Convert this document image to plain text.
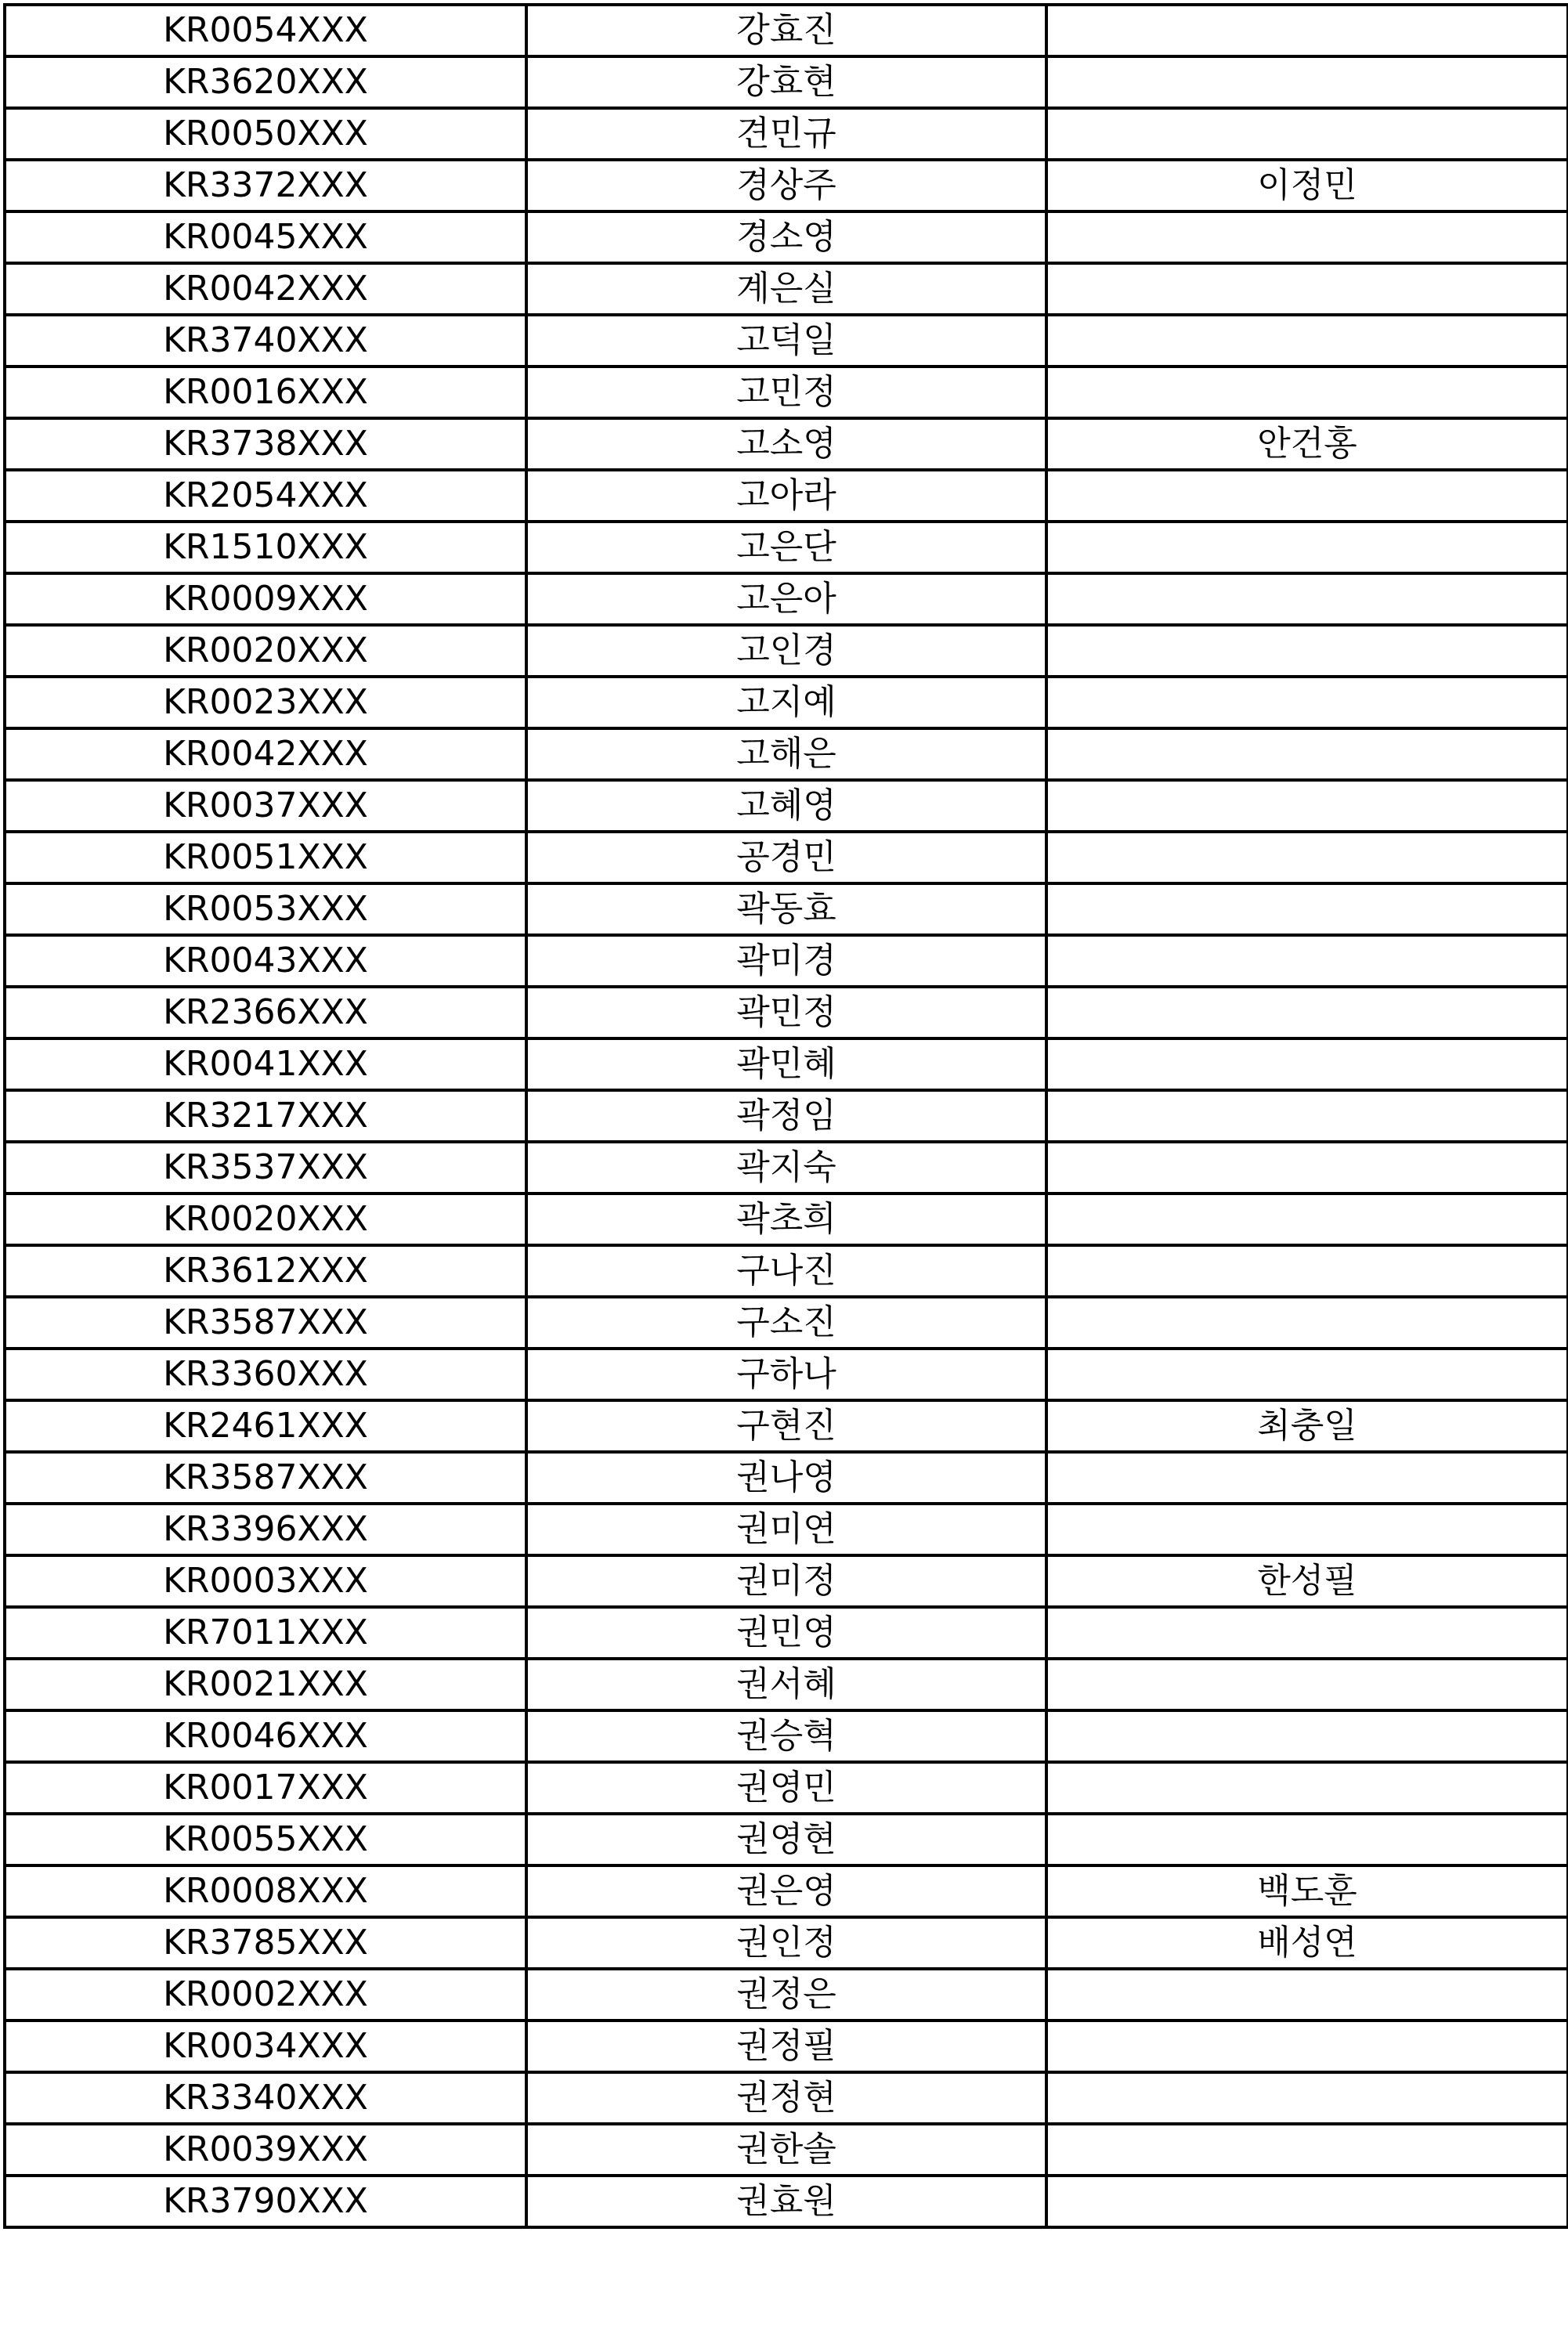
KR0054XXX	강효진	
KR3620XXX	강효현	
KR0050XXX	견민규	
KR3372XXX	경상주	이정민
KR0045XXX	경소영	
KR0042XXX	계은실	
KR3740XXX	고덕일	
KR0016XXX	고민정	
KR3738XXX	고소영	안건홍
KR2054XXX	고아라	
KR1510XXX	고은단	
KR0009XXX	고은아	
KR0020XXX	고인경	
KR0023XXX	고지예	
KR0042XXX	고해은	
KR0037XXX	고혜영	
KR0051XXX	공경민	
KR0053XXX	곽동효	
KR0043XXX	곽미경	
KR2366XXX	곽민정	
KR0041XXX	곽민혜	
KR3217XXX	곽정임	
KR3537XXX	곽지숙	
KR0020XXX	곽초희	
KR3612XXX	구나진	
KR3587XXX	구소진	
KR3360XXX	구하나	
KR2461XXX	구현진	최충일
KR3587XXX	권나영	
KR3396XXX	권미연	
KR0003XXX	권미정	한성필
KR7011XXX	권민영	
KR0021XXX	권서혜	
KR0046XXX	권승혁	
KR0017XXX	권영민	
KR0055XXX	권영현	
KR0008XXX	권은영	백도훈
KR3785XXX	권인정	배성연
KR0002XXX	권정은	
KR0034XXX	권정필	
KR3340XXX	권정현	
KR0039XXX	권한솔	
KR3790XXX	권효원	
